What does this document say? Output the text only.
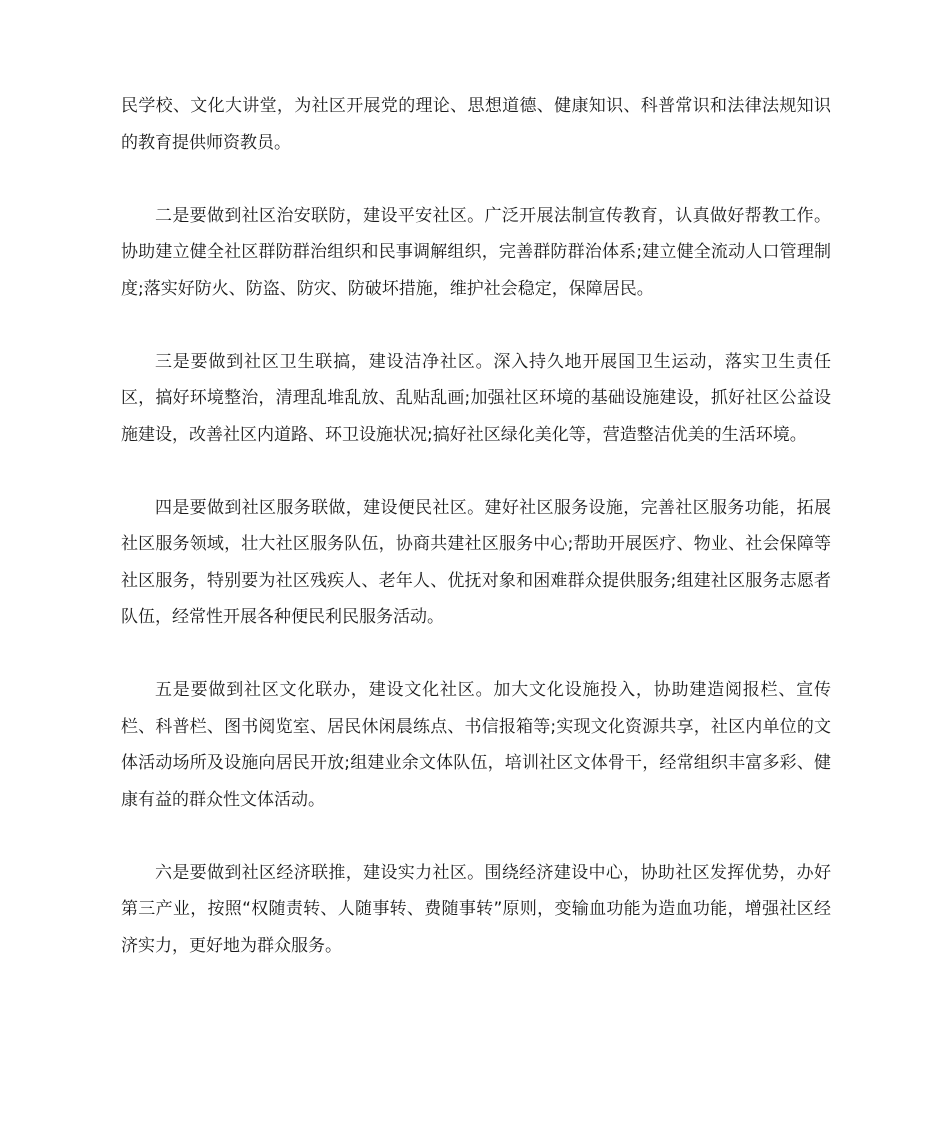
民学校、文化大讲堂，为社区开展党的理论、思想道德、健康知识、科普常识和法律法规知识的教育提供师资教员。

二是要做到社区治安联防，建设平安社区。广泛开展法制宣传教育，认真做好帮教工作。协助建立健全社区群防群治组织和民事调解组织，完善群防群治体系;建立健全流动人口管理制度;落实好防火、防盗、防灾、防破坏措施，维护社会稳定，保障居民。

三是要做到社区卫生联搞，建设洁净社区。深入持久地开展国卫生运动，落实卫生责任区，搞好环境整治，清理乱堆乱放、乱贴乱画;加强社区环境的基础设施建设，抓好社区公益设施建设，改善社区内道路、环卫设施状况;搞好社区绿化美化等，营造整洁优美的生活环境。

四是要做到社区服务联做，建设便民社区。建好社区服务设施，完善社区服务功能，拓展社区服务领域，壮大社区服务队伍，协商共建社区服务中心;帮助开展医疗、物业、社会保障等社区服务，特别要为社区残疾人、老年人、优抚对象和困难群众提供服务;组建社区服务志愿者队伍，经常性开展各种便民利民服务活动。

五是要做到社区文化联办，建设文化社区。加大文化设施投入，协助建造阅报栏、宣传栏、科普栏、图书阅览室、居民休闲晨练点、书信报箱等;实现文化资源共享，社区内单位的文体活动场所及设施向居民开放;组建业余文体队伍，培训社区文体骨干，经常组织丰富多彩、健康有益的群众性文体活动。

六是要做到社区经济联推，建设实力社区。围绕经济建设中心，协助社区发挥优势，办好第三产业，按照“权随责转、人随事转、费随事转”原则，变输血功能为造血功能，增强社区经济实力，更好地为群众服务。
